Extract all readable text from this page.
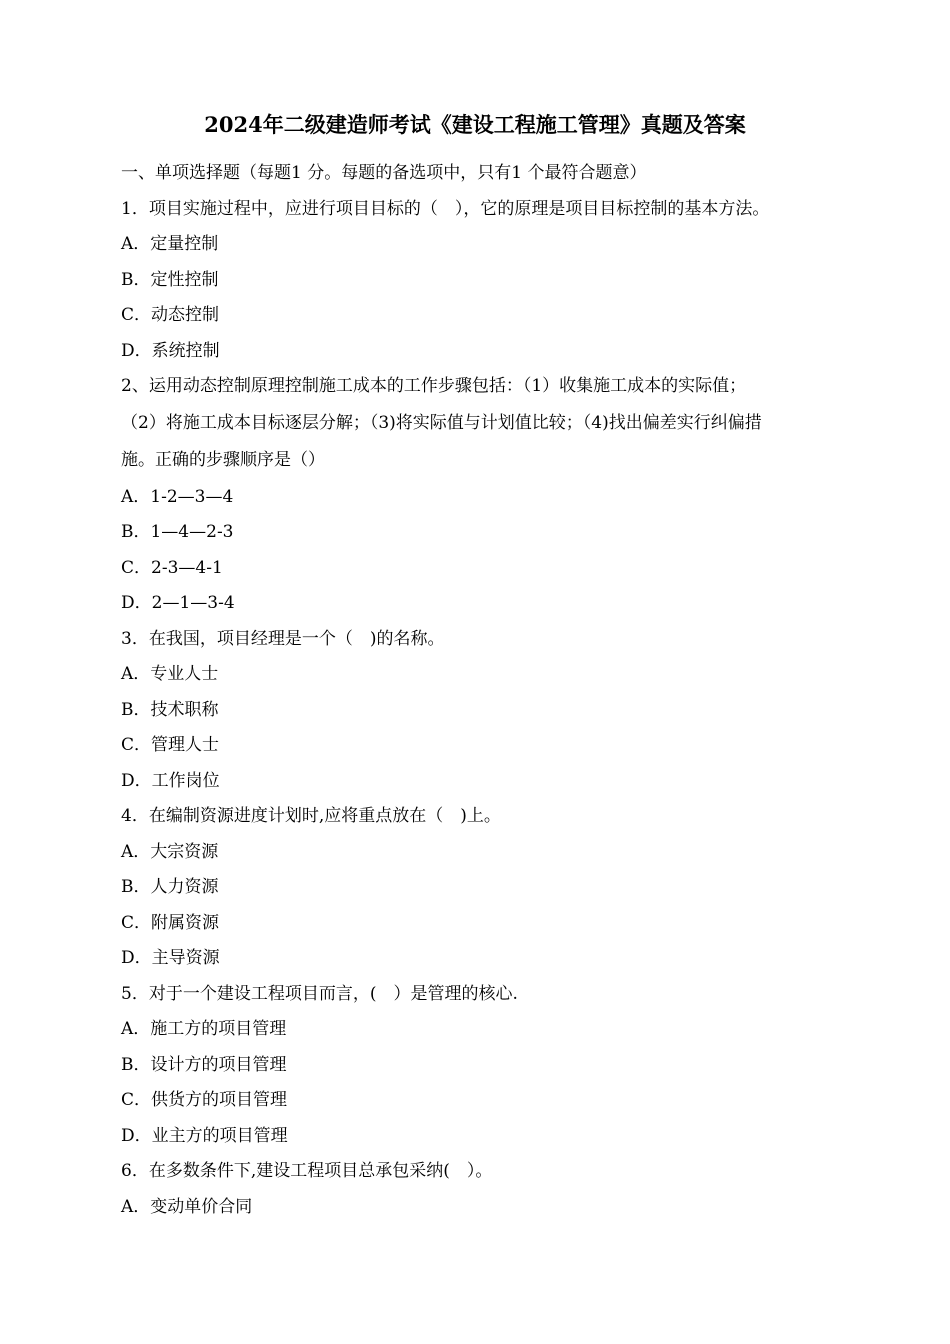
2024年二级建造师考试《建设工程施工管理》真题及答案
一、单项选择题（每题1 分。每题的备选项中，只有1 个最符合题意）
1．项目实施过程中，应进行项目目标的（　），它的原理是项目目标控制的基本方法。
A．定量控制
B．定性控制
C．动态控制
D．系统控制
2、运用动态控制原理控制施工成本的工作步骤包括：（1）收集施工成本的实际值；
（2）将施工成本目标逐层分解；（3)将实际值与计划值比较；（4)找出偏差实行纠偏措
施。正确的步骤顺序是（）
A．1-2—3—4
B．1—4—2-3
C．2-3—4-1
D．2—1—3-4
3．在我国，项目经理是一个（　)的名称。
A．专业人士
B．技术职称
C．管理人士
D．工作岗位
4．在编制资源进度计划时,应将重点放在（　)上。
A．大宗资源
B．人力资源
C．附属资源
D．主导资源
5．对于一个建设工程项目而言，(　）是管理的核心.
A．施工方的项目管理
B．设计方的项目管理
C．供货方的项目管理
D．业主方的项目管理
6．在多数条件下,建设工程项目总承包采纳(　）。
A．变动单价合同
